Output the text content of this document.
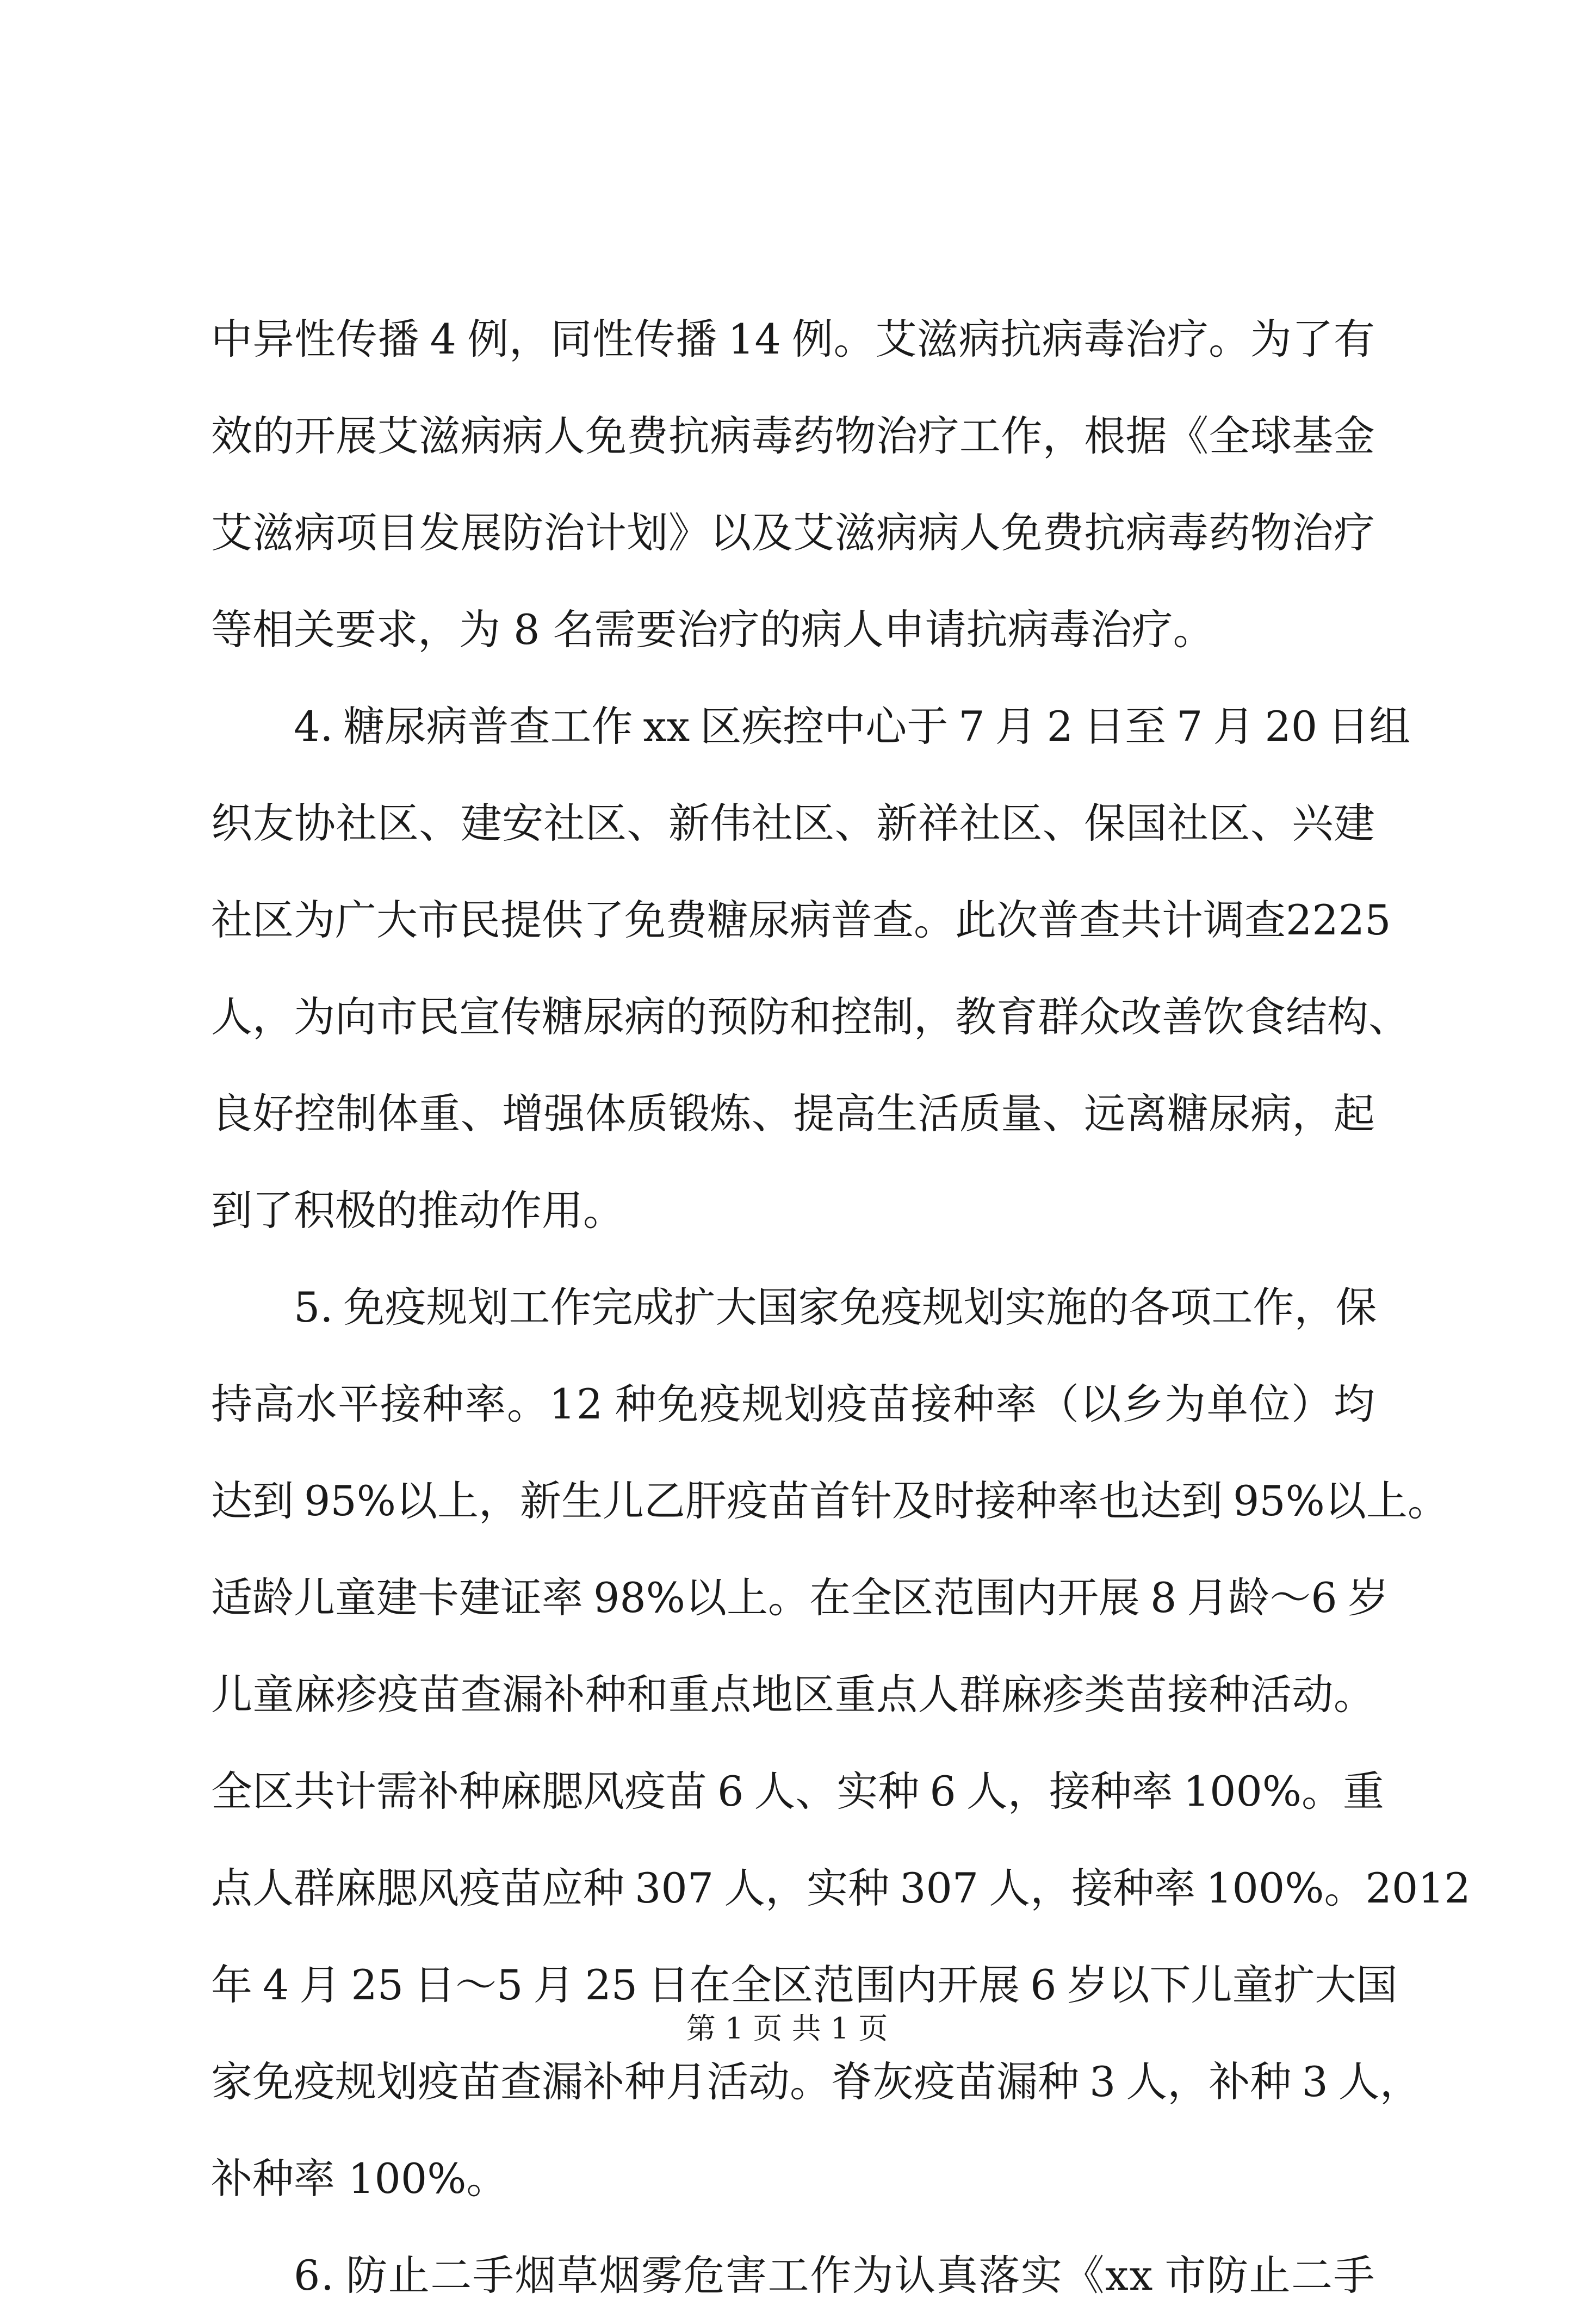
中 异 性 传 播
4
例 ， 同 性 传 播
1 4
例 。 艾 滋 病 抗 病 毒 治 疗 。 为 了 有
效 的 开 展 艾 滋 病 病 人 免 费 抗 病 毒 药 物 治 疗 工 作 ， 根 据 《 全 球 基 金
艾 滋 病 项 目 发 展 防 治 计 划 》 以 及 艾 滋 病 病 人 免 费 抗 病 毒 药 物 治 疗
等相关要求，为 8 名需要治疗的病人申请抗病毒治疗。
4 .
糖 尿 病 普 查 工 作
x x
区 疾 控 中 心 于
7
月
2
日 至
7
月
2 0
日 组
织 友 协 社 区 、 建 安 社 区 、 新 伟 社 区 、 新 祥 社 区 、 保 国 社 区 、 兴 建
社 区 为 广 大 市 民 提 供 了 免 费 糖 尿 病 普 查 。 此 次 普 查 共 计 调 查 2 2 2 5
人 ， 为 向 市 民 宣 传 糖 尿 病 的 预 防 和 控 制 ， 教 育 群 众 改 善 饮 食 结 构 、
良 好 控 制 体 重 、 增 强 体 质 锻 炼 、 提 高 生 活 质 量 、 远 离 糖 尿 病 ， 起
到了积极的推动作用。
5 .
免 疫 规 划 工 作 完 成 扩 大 国 家 免 疫 规 划 实 施 的 各 项 工 作 ， 保
持 高 水 平 接 种 率 。 1 2
种 免 疫 规 划 疫 苗 接 种 率 （ 以 乡 为 单 位 ） 均
达 到
9 5 % 以 上 ， 新 生 儿 乙 肝 疫 苗 首 针 及 时 接 种 率 也 达 到
9 5 % 以 上 。
适 龄 儿 童 建 卡 建 证 率
9 8 % 以 上 。 在 全 区 范 围 内 开 展
8
月 龄 ～ 6
岁
儿 童 麻 疹 疫 苗 查 漏 补 种 和 重 点 地 区 重 点 人 群 麻 疹 类 苗 接 种 活 动 。
全 区 共 计 需 补 种 麻 腮 风 疫 苗
6
人 、 实 种
6
人 ， 接 种 率
1 0 0 % 。 重
点 人 群 麻 腮 风 疫 苗 应 种
3 0 7
人 ， 实 种
3 0 7
人 ， 接 种 率
1 0 0 % 。 2 0 1 2
年
4
月
2 5
日 ～ 5
月
2 5
日 在 全 区 范 围 内 开 展
6
岁 以 下 儿 童 扩 大 国
家 免 疫 规 划 疫 苗 查 漏 补 种 月 活 动 。 脊 灰 疫 苗 漏 种
3
人 ， 补 种
3
人 ，
补种率 100%。
6 .
防 止 二 手 烟 草 烟 雾 危 害 工 作 为 认 真 落 实 《 x x
市 防 止 二 手
第 1 页 共 1 页
